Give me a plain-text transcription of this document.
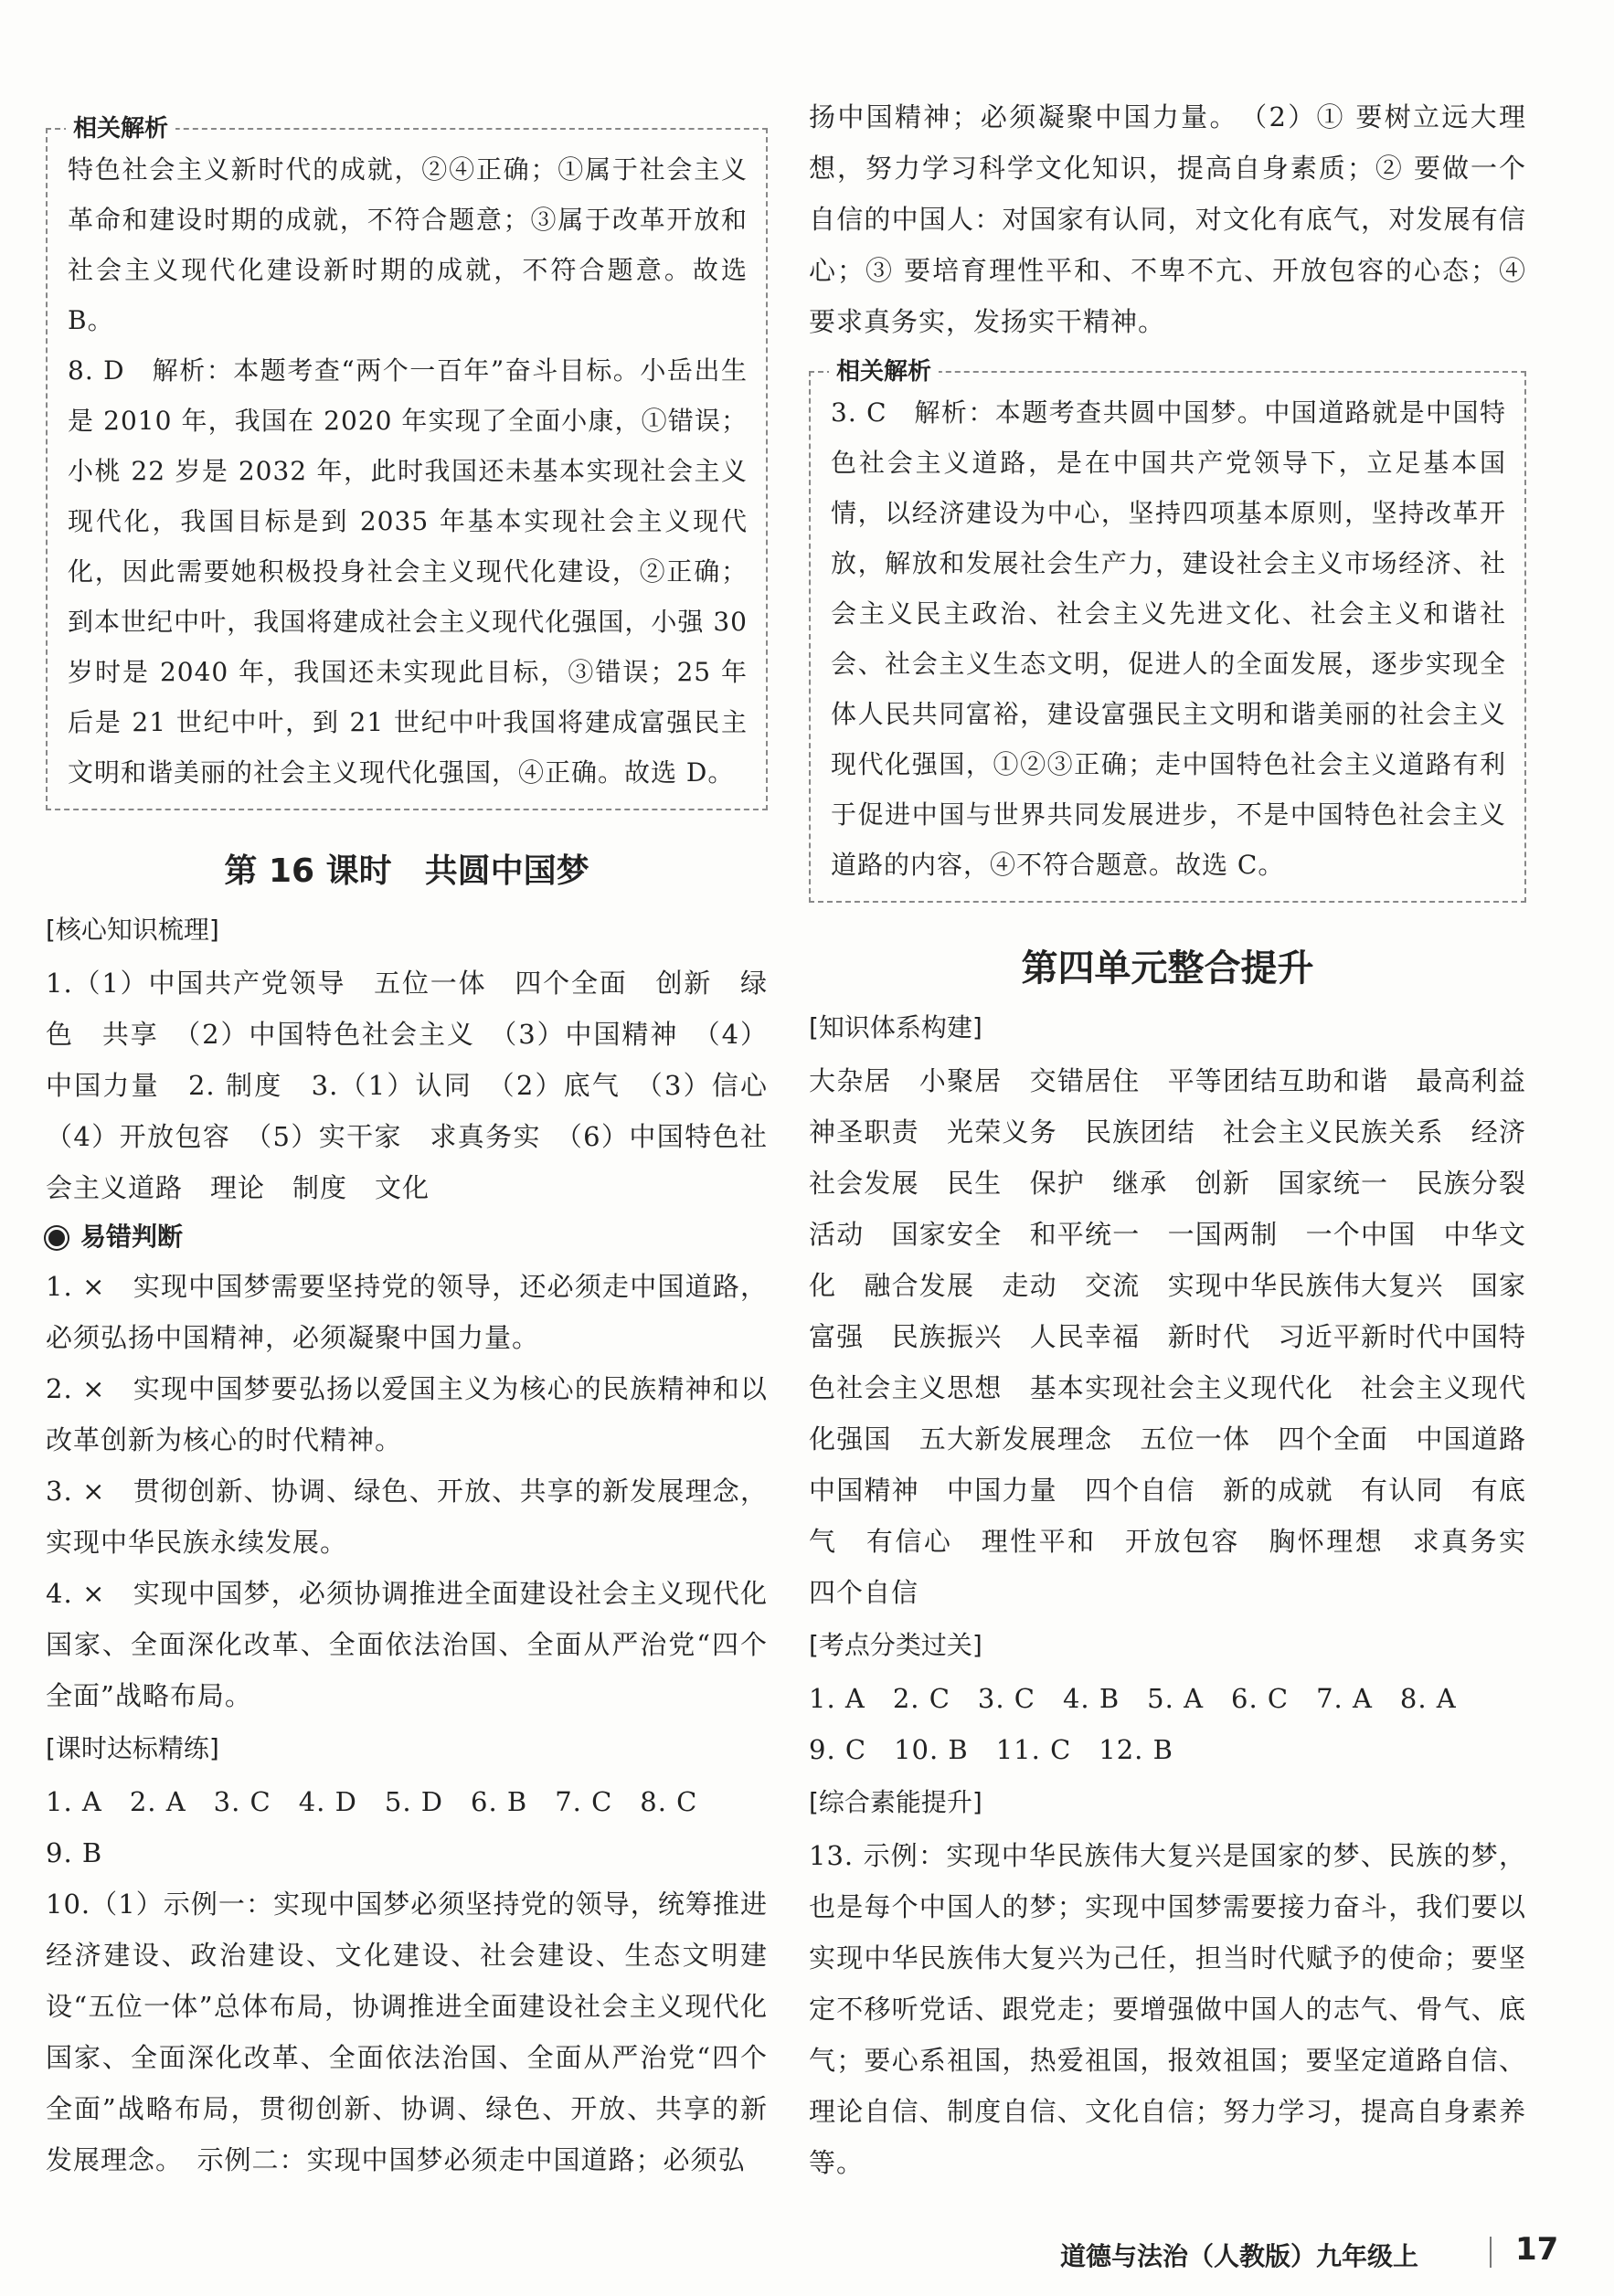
相关解析

特色社会主义新时代的成就，②④正确；①属于社会主义革命和建设时期的成就，不符合题意；③属于改革开放和社会主义现代化建设新时期的成就，不符合题意。故选 B。

8. D　解析：本题考查“两个一百年”奋斗目标。小岳出生是 2010 年，我国在 2020 年实现了全面小康，①错误；小桃 22 岁是 2032 年，此时我国还未基本实现社会主义现代化，我国目标是到 2035 年基本实现社会主义现代化，因此需要她积极投身社会主义现代化建设，②正确；到本世纪中叶，我国将建成社会主义现代化强国，小强 30 岁时是 2040 年，我国还未实现此目标，③错误；25 年后是 21 世纪中叶，到 21 世纪中叶我国将建成富强民主文明和谐美丽的社会主义现代化强国，④正确。故选 D。

第 16 课时　共圆中国梦
[核心知识梳理]

1.（1）中国共产党领导　五位一体　四个全面　创新　绿色　共享　（2）中国特色社会主义　（3）中国精神　（4）中国力量　2. 制度　3.（1）认同　（2）底气　（3）信心　（4）开放包容　（5）实干家　求真务实　（6）中国特色社会主义道路　理论　制度　文化

易错判断

1. ×　实现中国梦需要坚持党的领导，还必须走中国道路，必须弘扬中国精神，必须凝聚中国力量。

2. ×　实现中国梦要弘扬以爱国主义为核心的民族精神和以改革创新为核心的时代精神。

3. ×　贯彻创新、协调、绿色、开放、共享的新发展理念，实现中华民族永续发展。

4. ×　实现中国梦，必须协调推进全面建设社会主义现代化国家、全面深化改革、全面依法治国、全面从严治党“四个全面”战略布局。

[课时达标精练]

1. A　2. A　3. C　4. D　5. D　6. B　7. C　8. C

9. B

10.（1）示例一：实现中国梦必须坚持党的领导，统筹推进经济建设、政治建设、文化建设、社会建设、生态文明建设“五位一体”总体布局，协调推进全面建设社会主义现代化国家、全面深化改革、全面依法治国、全面从严治党“四个全面”战略布局，贯彻创新、协调、绿色、开放、共享的新发展理念。　示例二：实现中国梦必须走中国道路；必须弘

扬中国精神；必须凝聚中国力量。　（2）① 要树立远大理想，努力学习科学文化知识，提高自身素质；② 要做一个自信的中国人：对国家有认同，对文化有底气，对发展有信心；③ 要培育理性平和、不卑不亢、开放包容的心态；④ 要求真务实，发扬实干精神。

相关解析

3. C　解析：本题考查共圆中国梦。中国道路就是中国特色社会主义道路，是在中国共产党领导下，立足基本国情，以经济建设为中心，坚持四项基本原则，坚持改革开放，解放和发展社会生产力，建设社会主义市场经济、社会主义民主政治、社会主义先进文化、社会主义和谐社会、社会主义生态文明，促进人的全面发展，逐步实现全体人民共同富裕，建设富强民主文明和谐美丽的社会主义现代化强国，①②③正确；走中国特色社会主义道路有利于促进中国与世界共同发展进步，不是中国特色社会主义道路的内容，④不符合题意。故选 C。

第四单元整合提升
[知识体系构建]

大杂居　小聚居　交错居住　平等团结互助和谐　最高利益　神圣职责　光荣义务　民族团结　社会主义民族关系　经济社会发展　民生　保护　继承　创新　国家统一　民族分裂活动　国家安全　和平统一　一国两制　一个中国　中华文化　融合发展　走动　交流　实现中华民族伟大复兴　国家富强　民族振兴　人民幸福　新时代　习近平新时代中国特色社会主义思想　基本实现社会主义现代化　社会主义现代化强国　五大新发展理念　五位一体　四个全面　中国道路　中国精神　中国力量　四个自信　新的成就　有认同　有底气　有信心　理性平和　开放包容　胸怀理想　求真务实　四个自信

[考点分类过关]

1. A　2. C　3. C　4. B　5. A　6. C　7. A　8. A

9. C　10. B　11. C　12. B

[综合素能提升]

13. 示例：实现中华民族伟大复兴是国家的梦、民族的梦，也是每个中国人的梦；实现中国梦需要接力奋斗，我们要以实现中华民族伟大复兴为己任，担当时代赋予的使命；要坚定不移听党话、跟党走；要增强做中国人的志气、骨气、底气；要心系祖国，热爱祖国，报效祖国；要坚定道路自信、理论自信、制度自信、文化自信；努力学习，提高自身素养等。

道德与法治（人教版）九年级上	17
